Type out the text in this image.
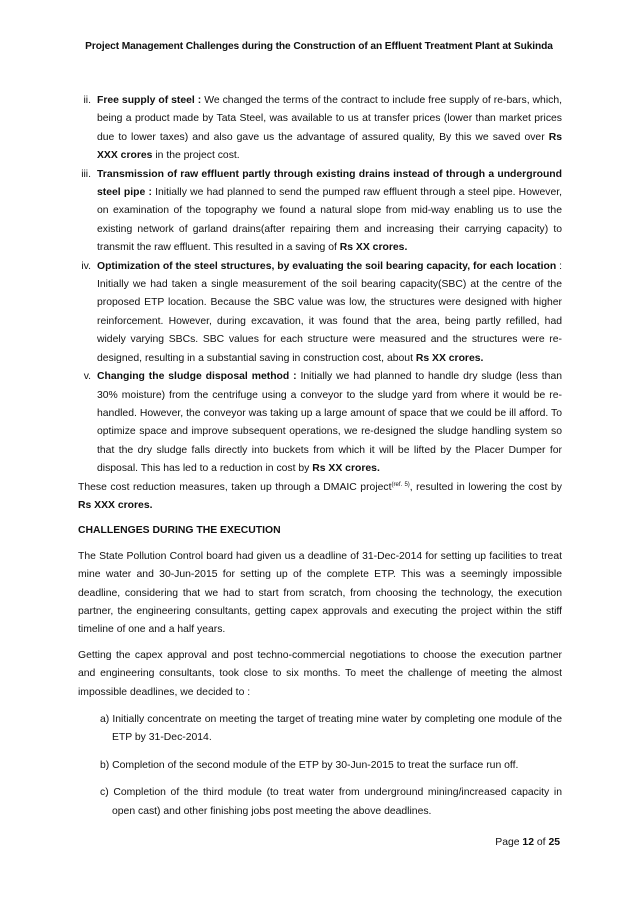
Project Management Challenges during the Construction of an Effluent Treatment Plant at Sukinda
ii. Free supply of steel : We changed the terms of the contract to include free supply of re-bars, which, being a product made by Tata Steel, was available to us at transfer prices (lower than market prices due to lower taxes) and also gave us the advantage of assured quality, By this we saved over Rs XXX crores in the project cost.
iii. Transmission of raw effluent partly through existing drains instead of through a underground steel pipe : Initially we had planned to send the pumped raw effluent through a steel pipe. However, on examination of the topography we found a natural slope from mid-way enabling us to use the existing network of garland drains(after repairing them and increasing their carrying capacity) to transmit the raw effluent. This resulted in a saving of Rs XX crores.
iv. Optimization of the steel structures, by evaluating the soil bearing capacity, for each location : Initially we had taken a single measurement of the soil bearing capacity(SBC) at the centre of the proposed ETP location. Because the SBC value was low, the structures were designed with higher reinforcement. However, during excavation, it was found that the area, being partly refilled, had widely varying SBCs. SBC values for each structure were measured and the structures were re-designed, resulting in a substantial saving in construction cost, about Rs XX crores.
v. Changing the sludge disposal method : Initially we had planned to handle dry sludge (less than 30% moisture) from the centrifuge using a conveyor to the sludge yard from where it would be re-handled. However, the conveyor was taking up a large amount of space that we could be ill afford. To optimize space and improve subsequent operations, we re-designed the sludge handling system so that the dry sludge falls directly into buckets from which it will be lifted by the Placer Dumper for disposal. This has led to a reduction in cost by Rs XX crores.

These cost reduction measures, taken up through a DMAIC project$^{(ref. 5)}$, resulted in lowering the cost by Rs XXX crores.

CHALLENGES DURING THE EXECUTION

The State Pollution Control board had given us a deadline of 31-Dec-2014 for setting up facilities to treat mine water and 30-Jun-2015 for setting up of the complete ETP. This was a seemingly impossible deadline, considering that we had to start from scratch, from choosing the technology, the execution partner, the engineering consultants, getting capex approvals and executing the project within the stiff timeline of one and a half years.

Getting the capex approval and post techno-commercial negotiations to choose the execution partner and engineering consultants, took close to six months. To meet the challenge of meeting the almost impossible deadlines, we decided to :

a) Initially concentrate on meeting the target of treating mine water by completing one module of the ETP by 31-Dec-2014.

b) Completion of the second module of the ETP by 30-Jun-2015 to treat the surface run off.

c) Completion of the third module (to treat water from underground mining/increased capacity in open cast) and other finishing jobs post meeting the above deadlines.

Page 12 of 25
